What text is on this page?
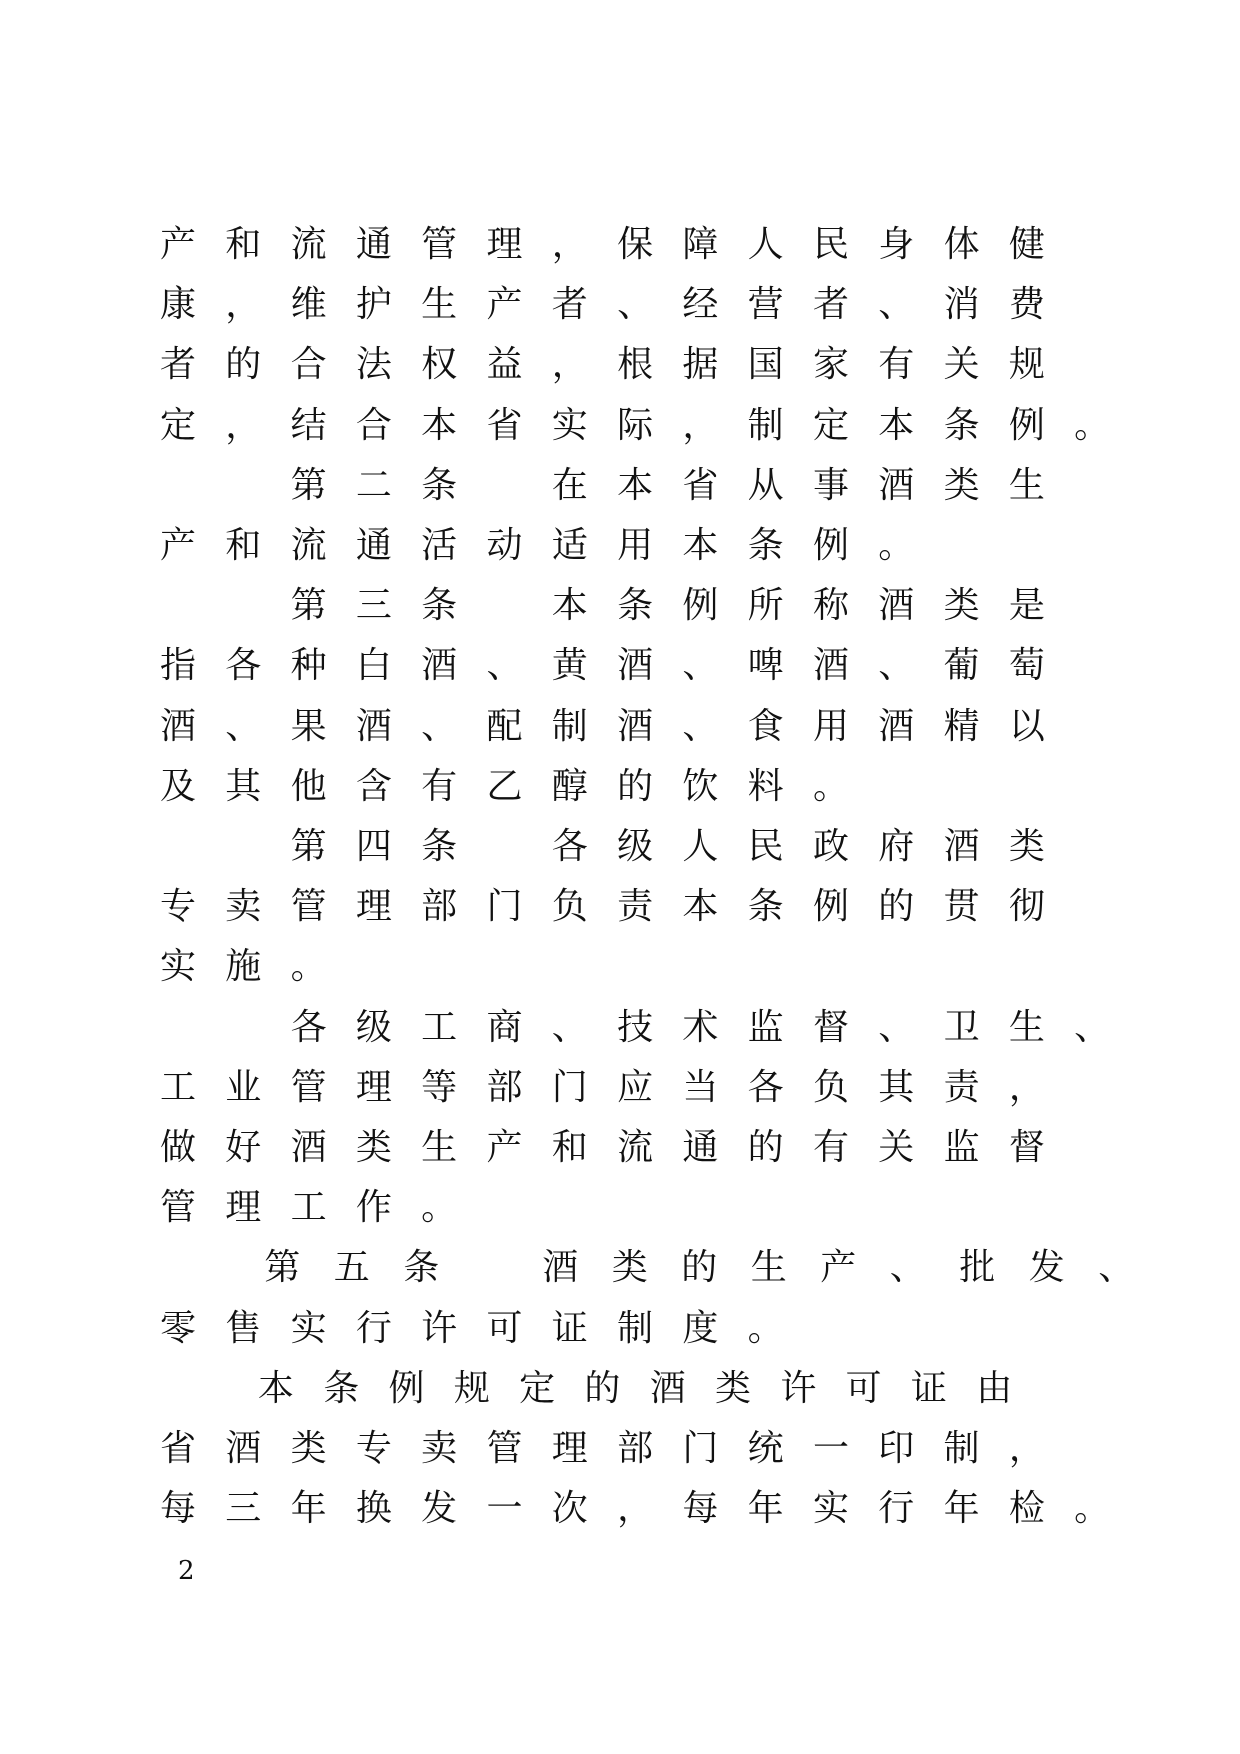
产 和 流 通 管 理 ， 保 障 人 民 身 体 健
康 ， 维 护 生 产 者 、 经 营 者 、 消 费
者 的 合 法 权 益 ， 根 据 国 家 有 关 规
定 ， 结 合 本 省 实 际 ， 制 定 本 条 例 。
第 二 条	在 本 省 从 事 酒 类 生
产 和 流 通 活 动 适 用 本 条 例 。
第 三 条	本 条 例 所 称 酒 类 是
指 各 种 白 酒 、 黄 酒 、 啤 酒 、 葡 萄
酒 、 果 酒 、 配 制 酒 、 食 用 酒 精 以
及 其 他 含 有 乙 醇 的 饮 料 。
第 四 条	各 级 人 民 政 府 酒 类
专 卖 管 理 部 门 负 责 本 条 例 的 贯 彻
实 施 。
各 级 工 商 、 技 术 监 督 、 卫 生 、
工 业 管 理 等 部 门 应 当 各 负 其 责 ，
做 好 酒 类 生 产 和 流 通 的 有 关 监 督
管 理 工 作 。
第 五 条	酒 类 的 生 产 、 批 发 、
零 售 实 行 许 可 证 制 度 。
本 条 例 规 定 的 酒 类 许 可 证 由
省 酒 类 专 卖 管 理 部 门 统 一 印 制 ，
每 三 年 换 发 一 次 ， 每 年 实 行 年 检 。
2
